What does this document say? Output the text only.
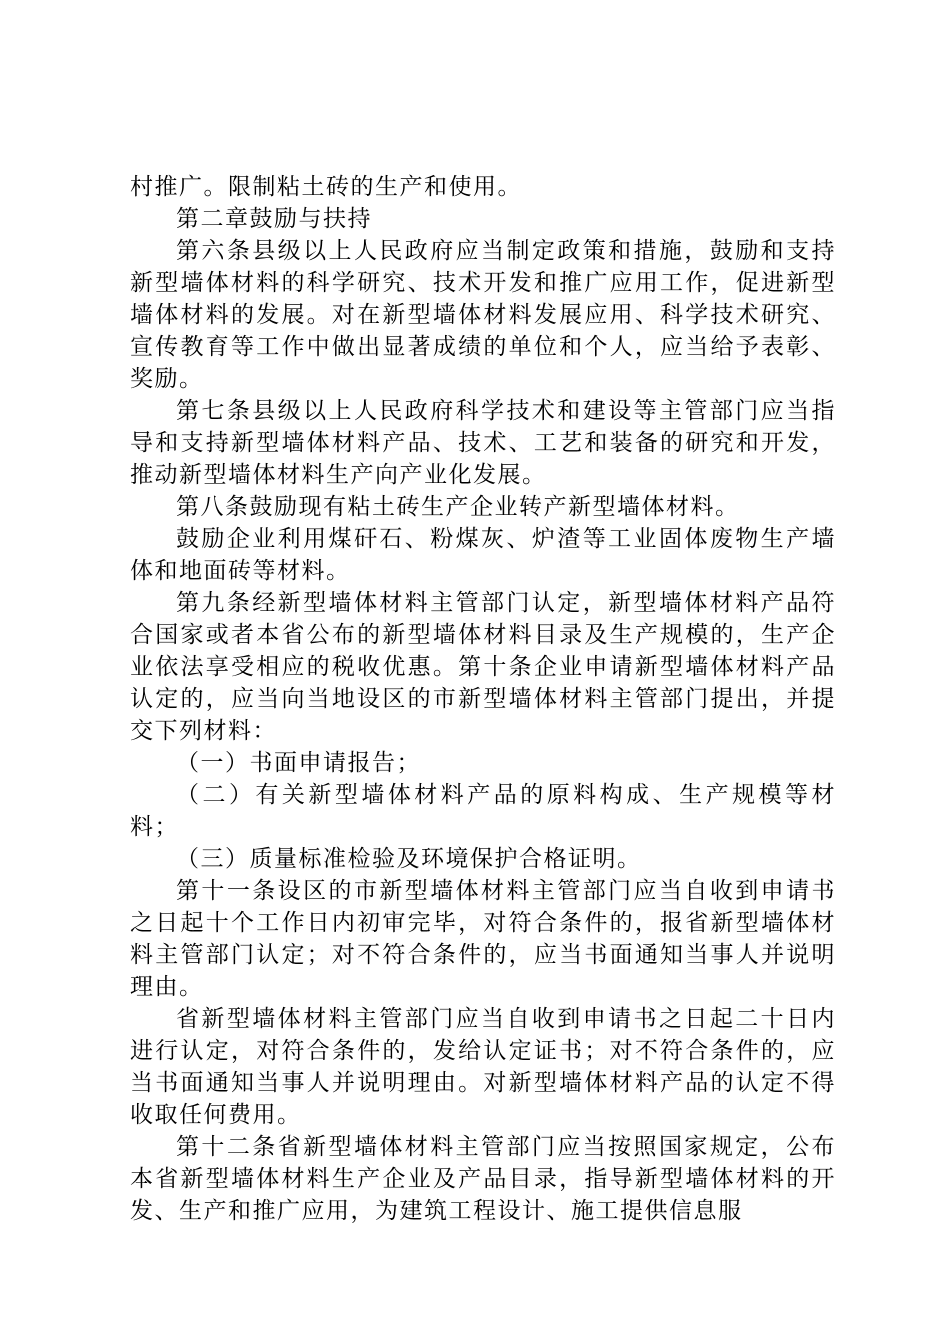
村推广。限制粘土砖的生产和使用。

第二章鼓励与扶持

第六条县级以上人民政府应当制定政策和措施，鼓励和支持新型墙体材料的科学研究、技术开发和推广应用工作，促进新型墙体材料的发展。对在新型墙体材料发展应用、科学技术研究、宣传教育等工作中做出显著成绩的单位和个人，应当给予表彰、奖励。

第七条县级以上人民政府科学技术和建设等主管部门应当指导和支持新型墙体材料产品、技术、工艺和装备的研究和开发，推动新型墙体材料生产向产业化发展。

第八条鼓励现有粘土砖生产企业转产新型墙体材料。

鼓励企业利用煤矸石、粉煤灰、炉渣等工业固体废物生产墙体和地面砖等材料。

第九条经新型墙体材料主管部门认定，新型墙体材料产品符合国家或者本省公布的新型墙体材料目录及生产规模的，生产企业依法享受相应的税收优惠。第十条企业申请新型墙体材料产品认定的，应当向当地设区的市新型墙体材料主管部门提出，并提交下列材料：

（一）书面申请报告；

（二）有关新型墙体材料产品的原料构成、生产规模等材料；

（三）质量标准检验及环境保护合格证明。

第十一条设区的市新型墙体材料主管部门应当自收到申请书之日起十个工作日内初审完毕，对符合条件的，报省新型墙体材料主管部门认定；对不符合条件的，应当书面通知当事人并说明理由。

省新型墙体材料主管部门应当自收到申请书之日起二十日内进行认定，对符合条件的，发给认定证书；对不符合条件的，应当书面通知当事人并说明理由。对新型墙体材料产品的认定不得收取任何费用。

第十二条省新型墙体材料主管部门应当按照国家规定，公布本省新型墙体材料生产企业及产品目录，指导新型墙体材料的开发、生产和推广应用，为建筑工程设计、施工提供信息服
